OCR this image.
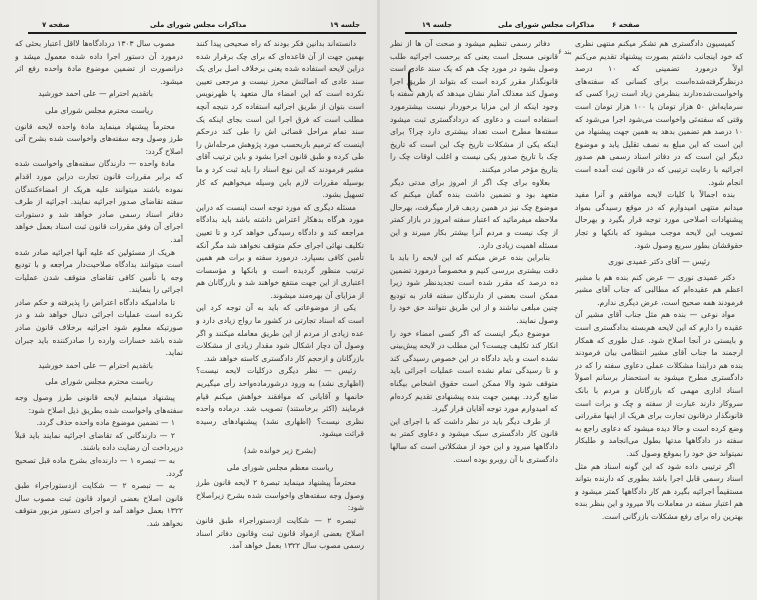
صفحه ۷	مذاکرات مجلس شورای ملی	جلسه ۱۹

دانسته‌اند بدانین فکر بودند که راه صحیحی پیدا کنند بهمین جهت از آن قاعده‌ای که برای چک برقرار شده دراین لایحه استفاده شده یعنی برخلاف اصل برای یک سند عادی که اصالتش محرز نیست و مرجعی تعیین نکرده است که این امضاء مال متعهد یا ظهرنویس است بتوان از طریق اجرائیه استفاده کرد نتیجه آنچه مطلب است که فرق اجرا این است بجای اینکه یک سند تمام مراحل قضائی اش را طی کند درحکم اینست که ترمیم باربحسب مورد پژوهش مرحله‌اش را طی کرده و طبق قانون اجرا بشود و باین ترتیب آقای مشیر فرمودند که این نوع اسناد را باید ثبت کرد و ما بوسیله مقررات لازم باین وسیله میخواهیم که کار تسهیل بشود.

مسئله دیگری که مورد توجه است اینست که دراین مورد هرگاه بدهکار اعتراض داشته باشد باید بدادگاه مراجعه کند و دادگاه رسیدگی خواهد کرد و تا تعیین تکلیف نهائی اجرای حکم متوقف نخواهد شد مگر آنکه تأمین کافی بسپارد. درمورد سفته و برات هم همین ترتیب منظور گردیده است و بانکها و مؤسسات اعتباری از این جهت منتفع خواهند شد و بازرگانان هم از مزایای آن بهره‌مند میشوند.

یکی از موضوعاتی که باید به آن توجه کرد این است که اسناد تجارتی در کشور ما رواج زیادی دارد و عده زیادی از مردم از این طریق معامله میکنند و اگر وصول آن دچار اشکال شود مقدار زیادی از مشکلات بازرگانان و ازحجم کار دادگستری کاسته خواهد شد.

رئیس — نظر دیگری درکلیات لایحه نیست؟ (اظهاری نشد) به ورود درشورماده‌واحد رأی میگیریم خانمها و آقایانی که موافقند خواهش میکنم قیام فرمایند (اکثر برخاستند) تصویب شد. درماده واحده نظری نیست؟ (اظهاری نشد) پیشنهادهای رسیده قرائت میشود.

(بشرح زیر خوانده شد)

ریاست معظم مجلس شورای ملی

محترماً پیشنهاد مینماید تبصرهٔ ۲ لایحه قانون طرز وصول وجه سفته‌های واخواست شده بشرح زیراصلاح شود:

تبصره ۲ — شکایت ازدستوراجراء طبق قانون اصلاح بعضی ازمواد قانون ثبت وقانون دفاتر اسناد رسمی مصوب سال ۱۳۲۲ بعمل خواهد آمد.

مصوب سال ۱۳۰۳ دردادگاه‌ها لااقل اعتبار بحثی که درمورد آن دستور اجرا داده شده معمول میشد و درانصورت از تضمین موضوع مادهٔ واحده رفع اثر میشود.

باتقدیم احترام — علی احمد خورشید

ریاست محترم مجلس شورای ملی

محترماً پیشنهاد مینماید مادهٔ واحده لایحه قانون طرز وصول وجه سفته‌های واخواست شده بشرح آتی اصلاح گردد:

مادهٔ واحده — دارندگان سفته‌های واخواست شده که برابر مقررات قانون تجارت دراین مورد اقدام نموده باشند میتوانند علیه هریک از امضاءکنندگان سفته تقاضای صدور اجرائیه نمایند. اجرائیه از طرف دفاتر اسناد رسمی صادر خواهد شد و دستورات اجرای آن وفق مقررات قانون ثبت اسناد بعمل خواهد آمد.

هریک از مسئولین که علیه آنها اجرائیه صادر شده است میتوانند بدادگاه صلاحیت‌دار مراجعه و با تودیع وجه یا تأمین کافی تقاضای متوقف شدن عملیات اجرائی را بنمایند.

تا مادامیکه دادگاه اعتراض را پذیرفته و حکم صادر نکرده است عملیات اجرائی دنبال خواهد شد و در صورتیکه معلوم شود اجرائیه برخلاف قانون صادر شده باشد خسارات وارده را صادرکننده باید جبران نماید.

باتقدیم احترام — علی احمد خورشید

ریاست محترم مجلس شورای ملی

پیشنهاد مینمایم لایحه قانونی طرز وصول وجه سفته‌های واخواست شده بطریق ذیل اصلاح شود:

۱ — تضمین موضوع ماده واحده حذف گردد.

۲ — دارندگانی که تقاضای اجرائیه نمایند باید قبلاً درپرداخت آن رضایت داده باشند.

به — تبصره ۱ — دارنده‌ای بشرح ماده قبل تصحیح گردد.

به — تبصره ۲ — شکایت ازدستوراجراء طبق قانون اصلاح بعضی ازمواد قانون ثبت مصوب سال ۱۳۲۲ بعمل خواهد آمد و اجرای دستور مزبور متوقف نخواهد شد.

صفحه ۶
مذاکرات مجلس شورای ملی
جلسه ۱۹

کمیسیون دادگستری هم تشکر میکنم منتهی نظری که خود اینجانب داشتم بصورت پیشنهاد تقدیم می‌کنم اولاً درمورد تضمینی که ۱۰ درصد درنظرگرفته‌شده‌است برای کسانی که سفته‌های واخواست‌شده‌دارند بنظرمن زیاد است زیرا کسی که سرمایه‌اش ۵۰ هزار تومان یا ۱۰۰ هزار تومان است وقتی که سفته‌ئی واخواست می‌شود اجرا می‌شود که ۱۰ درصد هم تضمین بدهد به همین جهت پیشنهاد من این است که این مبلغ به نصف تقلیل یابد و موضوع دیگر این است که در دفاتر اسناد رسمی هم صدور اجرائیه با رعایت ترتیبی که در قانون ثبت آمده است انجام شود.

بنده اجمالاً با کلیات لایحه موافقم و آنرا مفید میدانم منتهی امیدوارم که در موقع رسیدگی بمواد پیشنهادات اصلاحی مورد توجه قرار بگیرد و بهرحال تصویب این لایحه موجب میشود که بانکها و تجار حقوقشان بطور سریع وصول شود.

رئیس — آقای دکتر عمیدی نوری

دکتر عمیدی نوری — عرض کنم بنده هم با مشیر اعظم هم عقیده‌ام که مطالبی که جناب آقای مشیر فرمودند همه صحیح است، عرض دیگری ندارم.

مواد نوعی — بنده هم مثل جناب آقای مشیر آن عقیده را دارم که این لایحه هم‌بسته بدادگستری است و بایستی در آنجا اصلاح شود. عدل طوری که همکار ارجمند ما جناب آقای مشیر انتظامی بیان فرمودند بنده هم درابتدا مشکلات عملی دعاوی سفته را که در دادگستری مطرح میشود به استحضار برسانم اصولاً اسناد اداری مهمی که بازرگانان و مردم با بانک سروکار دارند عبارت از سفته و چک و برات است قانونگذار درقانون تجارت برای هریک از اینها مقرراتی وضع کرده است و حالا دیده میشود که دعاوی راجع به سفته در دادگاهها مدتها بطول می‌انجامد و طلبکار نمیتواند حق خود را بموقع وصول کند.

اگر ترتیبی داده شود که این گونه اسناد هم مثل اسناد رسمی قابل اجرا باشد بطوری که دارنده بتواند مستقیماً اجرائیه بگیرد هم کار دادگاهها کمتر میشود و هم اعتبار سفته در معاملات بالا میرود و این بنظر بنده بهترین راه برای رفع مشکلات بازرگانی است.

دفاتر رسمی تنظیم میشود و صحت آن ها از نظر قانونی مسجل است یعنی که برحسب اجرائیه طلب وصول بشود در مورد چک هم که یک سند عادی است قانونگذار مقرر کرده است که بتواند از طریق اجرا وصول کند معذلک آمار نشان میدهد که بازهم سفته با وجود اینکه از این مزایا برخوردار نیست بیشترمورد استفاده است و دعاوی که دردادگستری ثبت میشود سفته‌ها مطرح است تعداد بیشتری دارد چرا؟ برای اینکه یکی از مشکلات تاریخ چک این است که تاریخ چک با تاریخ صدور یکی نیست و اغلب اوقات چک را بتاریخ مؤخر صادر میکنند.

بعلاوه برای چک اگر از امروز برای مدتی دیگر متعهد بود و تضمین داشت بنده گمان میکنم که موضوع چک نیز در همین ردیف قرار میگرفت، بهرحال ملاحظه میفرمائید که اعتبار سفته امروز در بازار کمتر از چک نیست و مردم آنرا بیشتر بکار میبرند و این مسئله اهمیت زیادی دارد.

بنابراین بنده عرض میکنم که این لایحه را باید با دقت بیشتری بررسی کنیم و مخصوصاً درمورد تضمین ده درصد که مقرر شده است تجدیدنظر شود زیرا ممکن است بعضی از دارندگان سفته قادر به تودیع چنین مبلغی نباشند و از این طریق نتوانند حق خود را وصول نمایند.

موضوع دیگر اینست که اگر کسی امضاء خود را انکار کند تکلیف چیست؟ این مطلب در لایحه پیش‌بینی نشده است و باید دادگاه در این خصوص رسیدگی کند و تا رسیدگی تمام نشده است عملیات اجرائی باید متوقف شود والا ممکن است حقوق اشخاص بیگناه ضایع گردد. بهمین جهت بنده پیشنهادی تقدیم کرده‌ام که امیدوارم مورد توجه آقایان قرار گیرد.

از طرف دیگر باید در نظر داشت که با اجرای این قانون کار دادگستری سبک میشود و دعاوی کمتر به دادگاهها میرود و این خود از مشکلاتی است که سالها دادگستری با آن روبرو بوده است.

بند ۶
